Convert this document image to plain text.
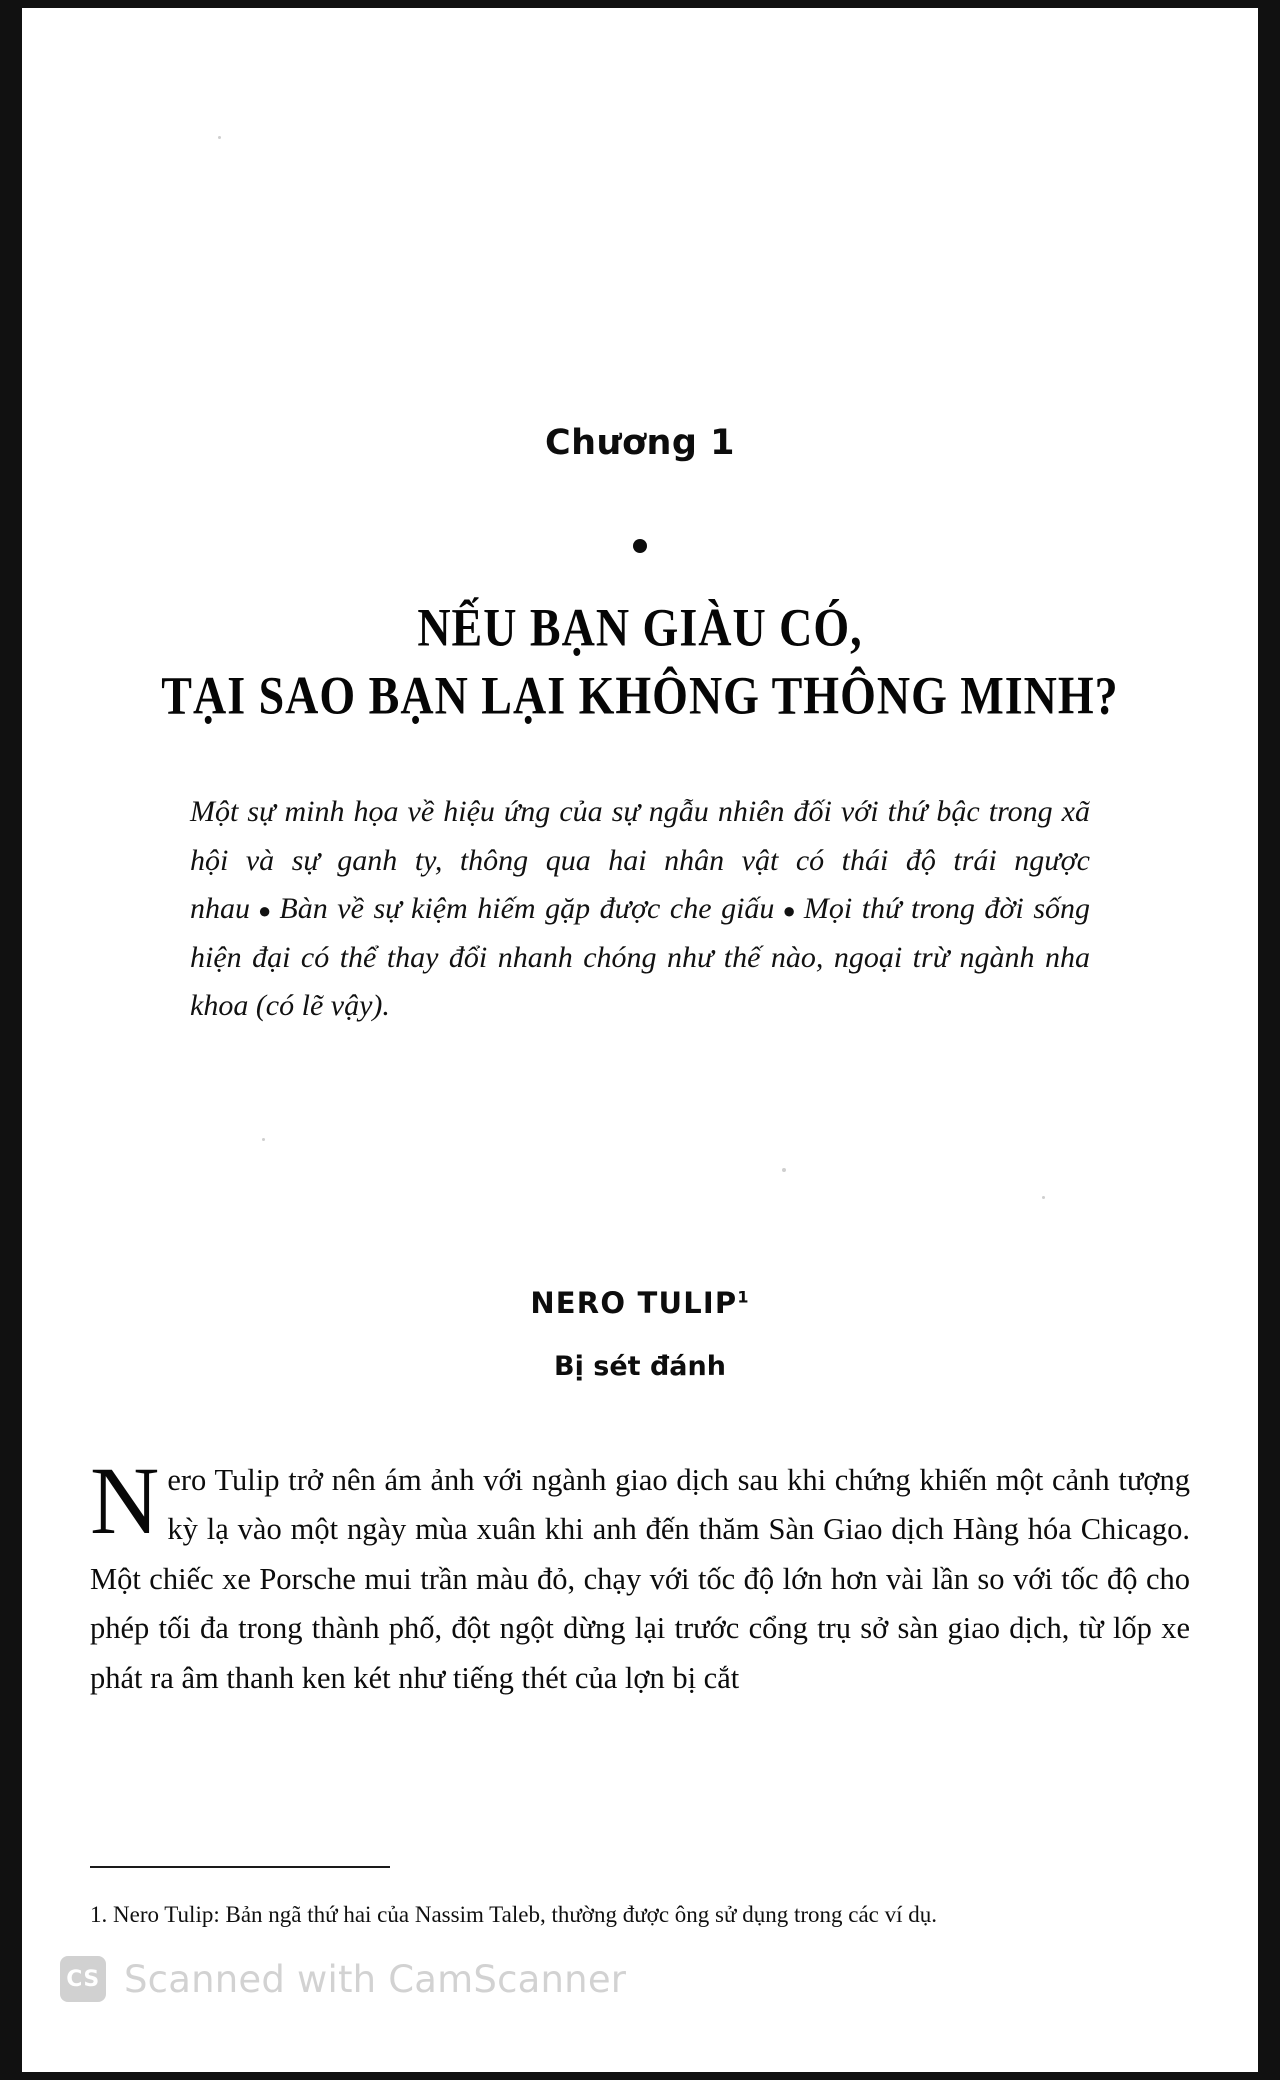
Chương 1
NẾU BẠN GIÀU CÓ,
TẠI SAO BẠN LẠI KHÔNG THÔNG MINH?
Một sự minh họa về hiệu ứng của sự ngẫu nhiên đối với thứ bậc trong xã hội và sự ganh ty, thông qua hai nhân vật có thái độ trái ngược nhau ● Bàn về sự kiệm hiếm gặp được che giấu ● Mọi thứ trong đời sống hiện đại có thể thay đổi nhanh chóng như thế nào, ngoại trừ ngành nha khoa (có lẽ vậy).
NERO TULIP$^1$
Bị sét đánh
Nero Tulip trở nên ám ảnh với ngành giao dịch sau khi chứng khiến một cảnh tượng kỳ lạ vào một ngày mùa xuân khi anh đến thăm Sàn Giao dịch Hàng hóa Chicago. Một chiếc xe Porsche mui trần màu đỏ, chạy với tốc độ lớn hơn vài lần so với tốc độ cho phép tối đa trong thành phố, đột ngột dừng lại trước cổng trụ sở sàn giao dịch, từ lốp xe phát ra âm thanh ken két như tiếng thét của lợn bị cắt
1. Nero Tulip: Bản ngã thứ hai của Nassim Taleb, thường được ông sử dụng trong các ví dụ.
CS Scanned with CamScanner
